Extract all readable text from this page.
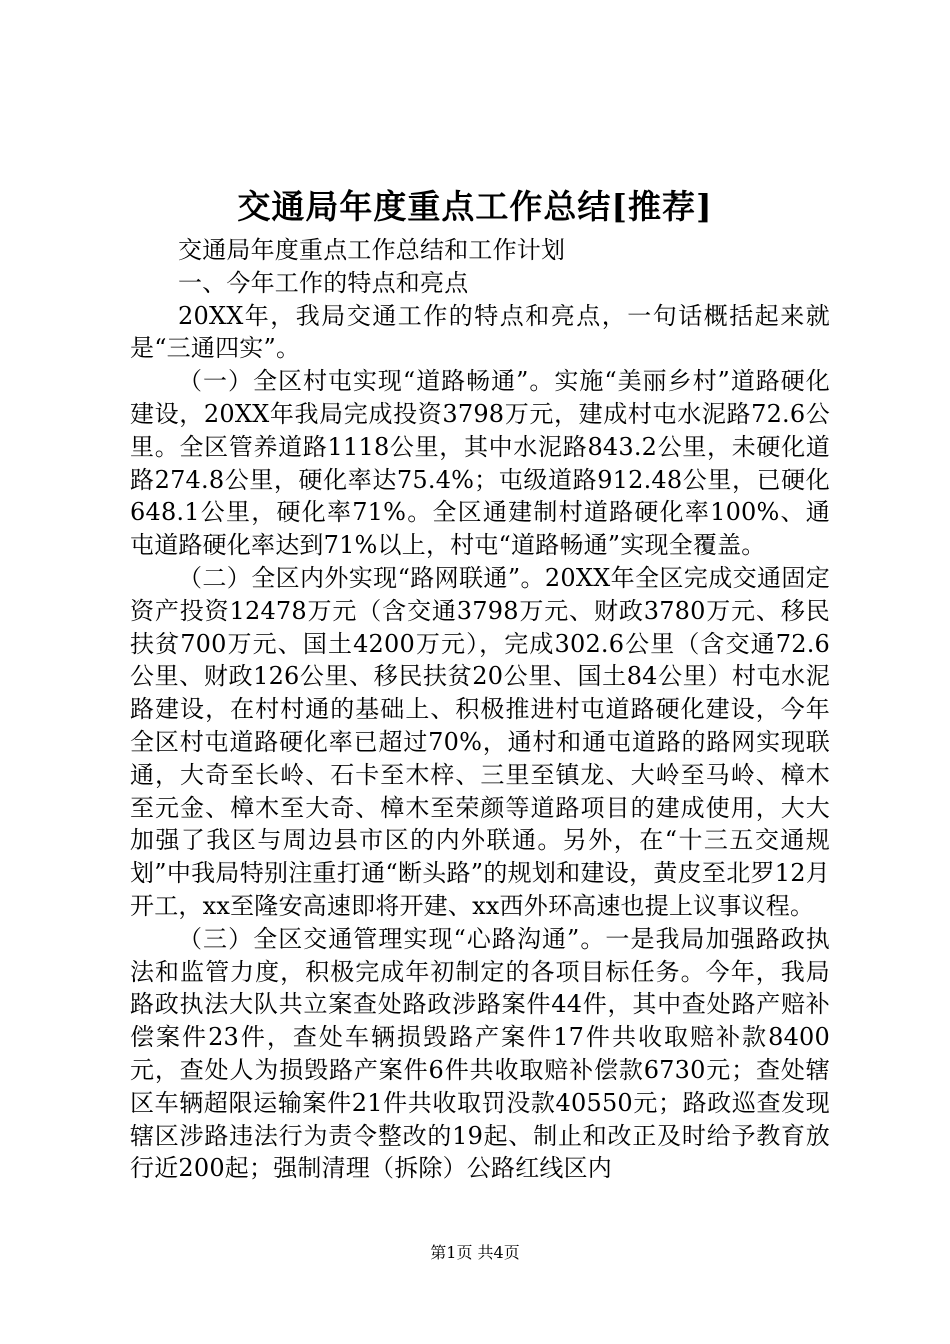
交通局年度重点工作总结[推荐]

交通局年度重点工作总结和工作计划

一、今年工作的特点和亮点

20XX年，我局交通工作的特点和亮点，一句话概括起来就是“三通四实”。

（一）全区村屯实现“道路畅通”。实施“美丽乡村”道路硬化建设，20XX年我局完成投资3798万元，建成村屯水泥路72.6公里。全区管养道路1118公里，其中水泥路843.2公里，未硬化道路274.8公里，硬化率达75.4%；屯级道路912.48公里，已硬化648.1公里，硬化率71%。全区通建制村道路硬化率100%、通屯道路硬化率达到71%以上，村屯“道路畅通”实现全覆盖。

（二）全区内外实现“路网联通”。20XX年全区完成交通固定资产投资12478万元（含交通3798万元、财政3780万元、移民扶贫700万元、国土4200万元），完成302.6公里（含交通72.6公里、财政126公里、移民扶贫20公里、国土84公里）村屯水泥路建设，在村村通的基础上、积极推进村屯道路硬化建设，今年全区村屯道路硬化率已超过70%，通村和通屯道路的路网实现联通，大奇至长岭、石卡至木梓、三里至镇龙、大岭至马岭、樟木至元金、樟木至大奇、樟木至荣颜等道路项目的建成使用，大大加强了我区与周边县市区的内外联通。另外，在“十三五交通规划”中我局特别注重打通“断头路”的规划和建设，黄皮至北罗12月开工，xx至隆安高速即将开建、xx西外环高速也提上议事议程。

（三）全区交通管理实现“心路沟通”。一是我局加强路政执法和监管力度，积极完成年初制定的各项目标任务。今年，我局路政执法大队共立案查处路政涉路案件44件，其中查处路产赔补偿案件23件，查处车辆损毁路产案件17件共收取赔补款8400元，查处人为损毁路产案件6件共收取赔补偿款6730元；查处辖区车辆超限运输案件21件共收取罚没款40550元；路政巡查发现辖区涉路违法行为责令整改的19起、制止和改正及时给予教育放行近200起；强制清理（拆除）公路红线区内

第1页 共4页
